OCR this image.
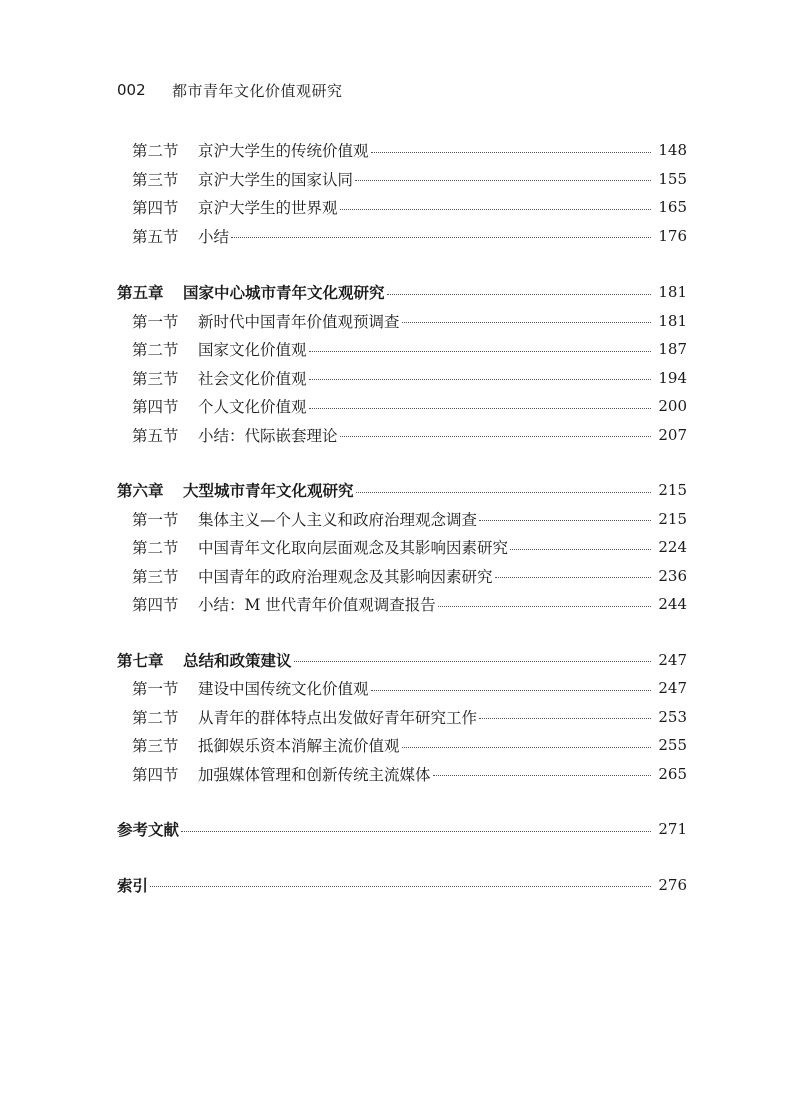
002	都市青年文化价值观研究
第二节	京沪大学生的传统价值观	148
第三节	京沪大学生的国家认同	155
第四节	京沪大学生的世界观	165
第五节	小结	176
第五章	国家中心城市青年文化观研究	181
第一节	新时代中国青年价值观预调查	181
第二节	国家文化价值观	187
第三节	社会文化价值观	194
第四节	个人文化价值观	200
第五节	小结：代际嵌套理论	207
第六章	大型城市青年文化观研究	215
第一节	集体主义—个人主义和政府治理观念调查	215
第二节	中国青年文化取向层面观念及其影响因素研究	224
第三节	中国青年的政府治理观念及其影响因素研究	236
第四节	小结：M 世代青年价值观调查报告	244
第七章	总结和政策建议	247
第一节	建设中国传统文化价值观	247
第二节	从青年的群体特点出发做好青年研究工作	253
第三节	抵御娱乐资本消解主流价值观	255
第四节	加强媒体管理和创新传统主流媒体	265
参考文献	271
索引	276
